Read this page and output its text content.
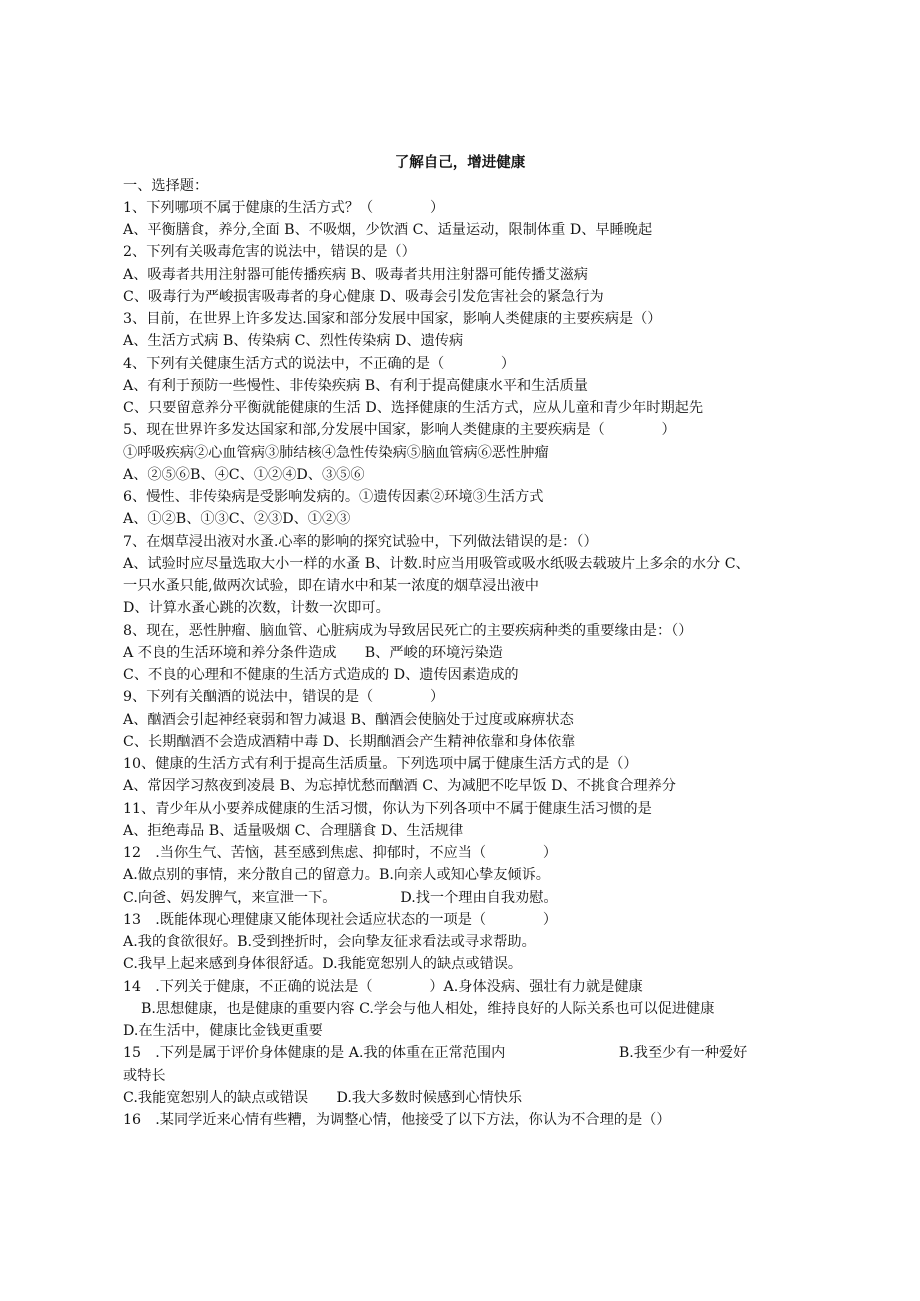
了解自己，增进健康
一、选择题：
1、下列哪项不属于健康的生活方式？（　　　　）
A、平衡膳食，养分,全面 B、不吸烟，少饮酒 C、适量运动，限制体重 D、早睡晚起
2、下列有关吸毒危害的说法中，错误的是（）
A、吸毒者共用注射器可能传播疾病 B、吸毒者共用注射器可能传播艾滋病
C、吸毒行为严峻损害吸毒者的身心健康 D、吸毒会引发危害社会的紧急行为
3、目前，在世界上许多发达.国家和部分发展中国家，影响人类健康的主要疾病是（）
A、生活方式病 B、传染病 C、烈性传染病 D、遗传病
4、下列有关健康生活方式的说法中，不正确的是（　　　　）
A、有利于预防一些慢性、非传染疾病 B、有利于提高健康水平和生活质量
C、只要留意养分平衡就能健康的生活 D、选择健康的生活方式，应从儿童和青少年时期起先
5、现在世界许多发达国家和部,分发展中国家，影响人类健康的主要疾病是（　　　　）
①呼吸疾病②心血管病③肺结核④急性传染病⑤脑血管病⑥恶性肿瘤
A、②⑤⑥B、④C、①②④D、③⑤⑥
6、慢性、非传染病是受影响发病的。①遗传因素②环境③生活方式
A、①②B、①③C、②③D、①②③
7、在烟草浸出液对水蚤.心率的影响的探究试验中，下列做法错误的是：（）
A、试验时应尽量选取大小一样的水蚤 B、计数.时应当用吸管或吸水纸吸去载玻片上多余的水分 C、
一只水蚤只能,做两次试验，即在请水中和某一浓度的烟草浸出液中
D、计算水蚤心跳的次数，计数一次即可。
8、现在，恶性肿瘤、脑血管、心脏病成为导致居民死亡的主要疾病种类的重要缘由是：（）
A 不良的生活环境和养分条件造成　　B、严峻的环境污染造
C、不良的心理和不健康的生活方式造成的 D、遗传因素造成的
9、下列有关酗酒的说法中，错误的是（　　　　）
A、酗酒会引起神经衰弱和智力减退 B、酗酒会使脑处于过度或麻痹状态
C、长期酗酒不会造成酒精中毒 D、长期酗酒会产生精神依靠和身体依靠
10、健康的生活方式有利于提高生活质量。下列选项中属于健康生活方式的是（）
A、常因学习熬夜到凌晨 B、为忘掉忧愁而酗酒 C、为减肥不吃早饭 D、不挑食合理养分
11、青少年从小要养成健康的生活习惯，你认为下列各项中不属于健康生活习惯的是
A、拒绝毒品 B、适量吸烟 C、合理膳食 D、生活规律
12　.当你生气、苦恼，甚至感到焦虑、抑郁时，不应当（　　　　）
A.做点别的事情，来分散自己的留意力。B.向亲人或知心挚友倾诉。
C.向爸、妈发脾气，来宣泄一下。　　　　　D.找一个理由自我劝慰。
13　.既能体现心理健康又能体现社会适应状态的一项是（　　　　）
A.我的食欲很好。B.受到挫折时，会向挚友征求看法或寻求帮助。
C.我早上起来感到身体很舒适。D.我能宽恕别人的缺点或错误。
14　.下列关于健康，不正确的说法是（　　　　）A.身体没病、强壮有力就是健康
B.思想健康，也是健康的重要内容 C.学会与他人相处，维持良好的人际关系也可以促进健康
D.在生活中，健康比金钱更重要
15　.下列是属于评价身体健康的是 A.我的体重在正常范围内　　　　　　　　B.我至少有一种爱好
或特长
C.我能宽恕别人的缺点或错误　　D.我大多数时候感到心情快乐
16　.某同学近来心情有些糟，为调整心情，他接受了以下方法，你认为不合理的是（）
